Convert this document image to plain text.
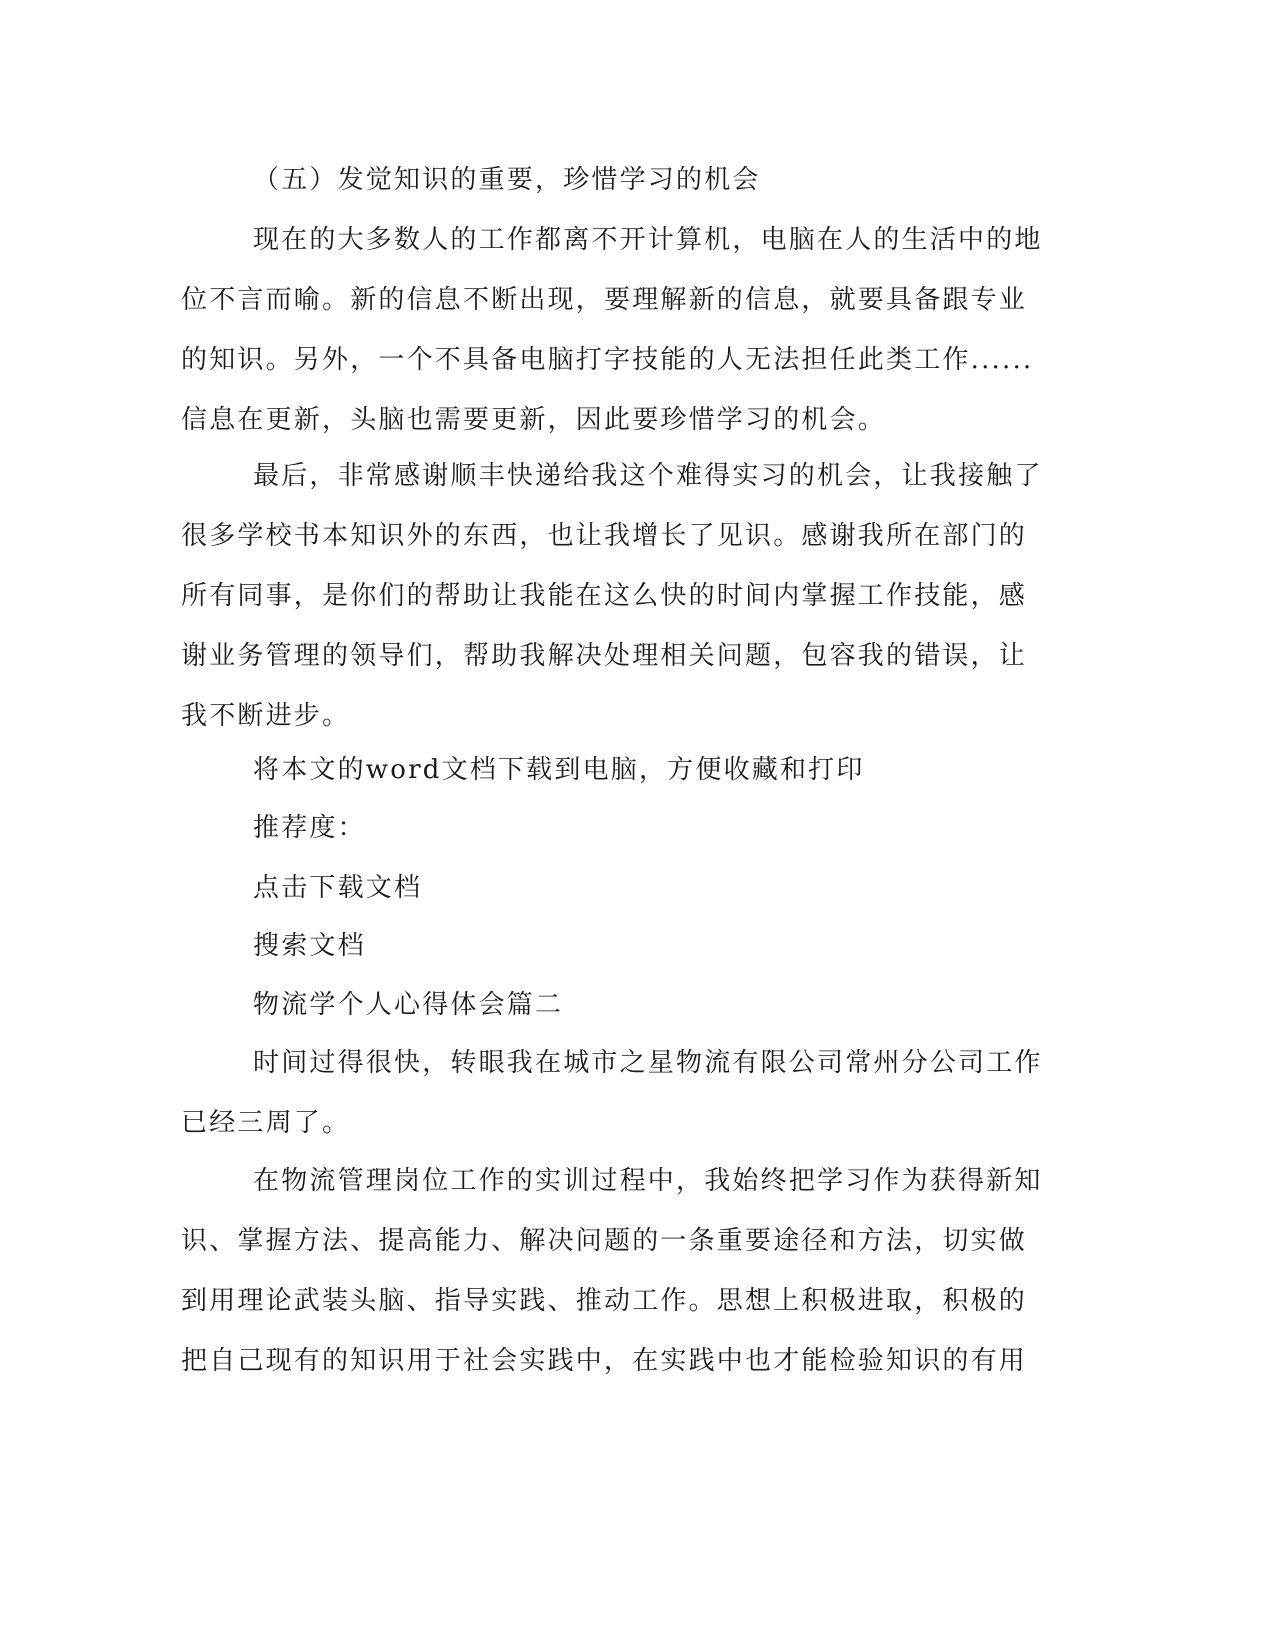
（五）发觉知识的重要，珍惜学习的机会
现在的大多数人的工作都离不开计算机，电脑在人的生活中的地
位不言而喻。新的信息不断出现，要理解新的信息，就要具备跟专业
的知识。另外，一个不具备电脑打字技能的人无法担任此类工作......
信息在更新，头脑也需要更新，因此要珍惜学习的机会。
最后，非常感谢顺丰快递给我这个难得实习的机会，让我接触了
很多学校书本知识外的东西，也让我增长了见识。感谢我所在部门的
所有同事，是你们的帮助让我能在这么快的时间内掌握工作技能，感
谢业务管理的领导们，帮助我解决处理相关问题，包容我的错误，让
我不断进步。
将本文的word文档下载到电脑，方便收藏和打印
推荐度：
点击下载文档
搜索文档
物流学个人心得体会篇二
时间过得很快，转眼我在城市之星物流有限公司常州分公司工作
已经三周了。
在物流管理岗位工作的实训过程中，我始终把学习作为获得新知
识、掌握方法、提高能力、解决问题的一条重要途径和方法，切实做
到用理论武装头脑、指导实践、推动工作。思想上积极进取，积极的
把自己现有的知识用于社会实践中，在实践中也才能检验知识的有用
